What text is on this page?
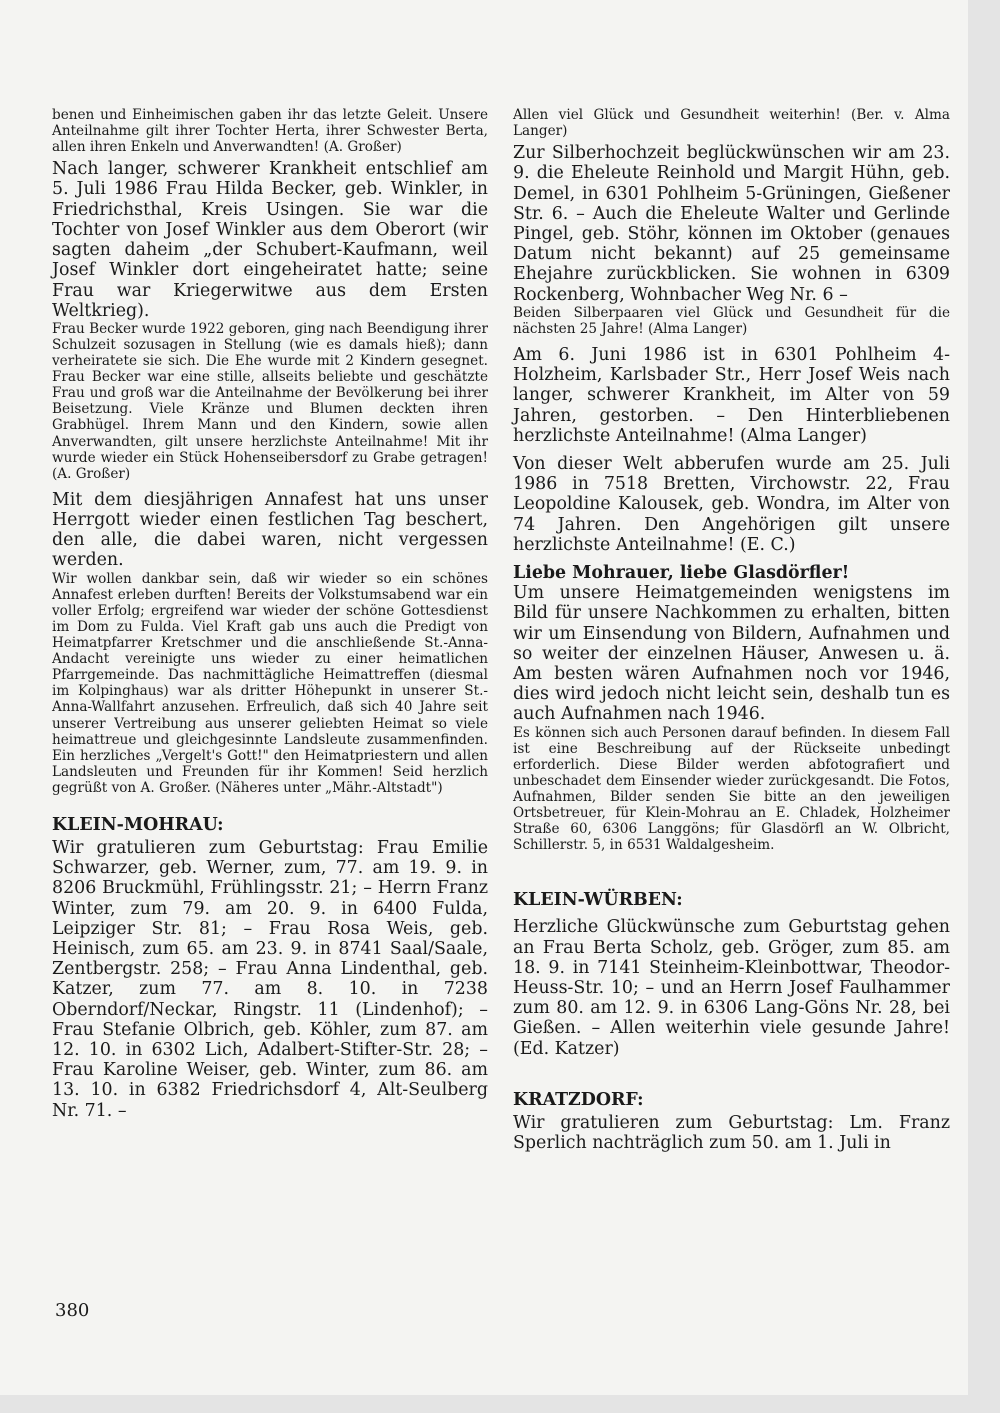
benen und Einheimischen gaben ihr das letzte Geleit. Unsere Anteilnahme gilt ihrer Tochter Herta, ihrer Schwester Berta, allen ihren Enkeln und Anverwandten! (A. Großer)

Nach langer, schwerer Krankheit entschlief am 5. Juli 1986 Frau Hilda Becker, geb. Winkler, in Friedrichsthal, Kreis Usingen. Sie war die Tochter von Josef Winkler aus dem Oberort (wir sagten daheim „der Schubert-Kaufmann, weil Josef Winkler dort eingeheiratet hatte; seine Frau war Kriegerwitwe aus dem Ersten Weltkrieg).

Frau Becker wurde 1922 geboren, ging nach Beendigung ihrer Schulzeit sozusagen in Stellung (wie es damals hieß); dann verheiratete sie sich. Die Ehe wurde mit 2 Kindern gesegnet. Frau Becker war eine stille, allseits beliebte und geschätzte Frau und groß war die Anteilnahme der Bevölkerung bei ihrer Beisetzung. Viele Kränze und Blumen deckten ihren Grabhügel. Ihrem Mann und den Kindern, sowie allen Anverwandten, gilt unsere herzlichste Anteilnahme! Mit ihr wurde wieder ein Stück Hohenseibersdorf zu Grabe getragen! (A. Großer)

Mit dem diesjährigen Annafest hat uns unser Herrgott wieder einen festlichen Tag beschert, den alle, die dabei waren, nicht vergessen werden.

Wir wollen dankbar sein, daß wir wieder so ein schönes Annafest erleben durften! Bereits der Volkstumsabend war ein voller Erfolg; ergreifend war wieder der schöne Gottesdienst im Dom zu Fulda. Viel Kraft gab uns auch die Predigt von Heimatpfarrer Kretschmer und die anschließende St.-Anna-Andacht vereinigte uns wieder zu einer heimatlichen Pfarrgemeinde. Das nachmittägliche Heimattreffen (diesmal im Kolpinghaus) war als dritter Höhepunkt in unserer St.-Anna-Wallfahrt anzusehen. Erfreulich, daß sich 40 Jahre seit unserer Vertreibung aus unserer geliebten Heimat so viele heimattreue und gleichgesinnte Landsleute zusammenfinden. Ein herzliches „Vergelt's Gott!" den Heimatpriestern und allen Landsleuten und Freunden für ihr Kommen! Seid herzlich gegrüßt von A. Großer. (Näheres unter „Mähr.-Altstadt")

KLEIN-MOHRAU:

Wir gratulieren zum Geburtstag: Frau Emilie Schwarzer, geb. Werner, zum, 77. am 19. 9. in 8206 Bruckmühl, Frühlingsstr. 21; – Herrn Franz Winter, zum 79. am 20. 9. in 6400 Fulda, Leipziger Str. 81; – Frau Rosa Weis, geb. Heinisch, zum 65. am 23. 9. in 8741 Saal/Saale, Zentbergstr. 258; – Frau Anna Lindenthal, geb. Katzer, zum 77. am 8. 10. in 7238 Oberndorf/Neckar, Ringstr. 11 (Lindenhof); – Frau Stefanie Olbrich, geb. Köhler, zum 87. am 12. 10. in 6302 Lich, Adalbert-Stifter-Str. 28; – Frau Karoline Weiser, geb. Winter, zum 86. am 13. 10. in 6382 Friedrichsdorf 4, Alt-Seulberg Nr. 71. –

Allen viel Glück und Gesundheit weiterhin! (Ber. v. Alma Langer)

Zur Silberhochzeit beglückwünschen wir am 23. 9. die Eheleute Reinhold und Margit Hühn, geb. Demel, in 6301 Pohlheim 5-Grüningen, Gießener Str. 6. – Auch die Eheleute Walter und Gerlinde Pingel, geb. Stöhr, können im Oktober (genaues Datum nicht bekannt) auf 25 gemeinsame Ehejahre zurückblicken. Sie wohnen in 6309 Rockenberg, Wohnbacher Weg Nr. 6 –

Beiden Silberpaaren viel Glück und Gesundheit für die nächsten 25 Jahre! (Alma Langer)

Am 6. Juni 1986 ist in 6301 Pohlheim 4-Holzheim, Karlsbader Str., Herr Josef Weis nach langer, schwerer Krankheit, im Alter von 59 Jahren, gestorben. – Den Hinterbliebenen herzlichste Anteilnahme! (Alma Langer)

Von dieser Welt abberufen wurde am 25. Juli 1986 in 7518 Bretten, Virchowstr. 22, Frau Leopoldine Kalousek, geb. Wondra, im Alter von 74 Jahren. Den Angehörigen gilt unsere herzlichste Anteilnahme! (E. C.)

Liebe Mohrauer, liebe Glasdörfler!

Um unsere Heimatgemeinden wenigstens im Bild für unsere Nachkommen zu erhalten, bitten wir um Einsendung von Bildern, Aufnahmen und so weiter der einzelnen Häuser, Anwesen u. ä. Am besten wären Aufnahmen noch vor 1946, dies wird jedoch nicht leicht sein, deshalb tun es auch Aufnahmen nach 1946.

Es können sich auch Personen darauf befinden. In diesem Fall ist eine Beschreibung auf der Rückseite unbedingt erforderlich. Diese Bilder werden abfotografiert und unbeschadet dem Einsender wieder zurückgesandt. Die Fotos, Aufnahmen, Bilder senden Sie bitte an den jeweiligen Ortsbetreuer, für Klein-Mohrau an E. Chladek, Holzheimer Straße 60, 6306 Langgöns; für Glasdörfl an W. Olbricht, Schillerstr. 5, in 6531 Waldalgesheim.

KLEIN-WÜRBEN:

Herzliche Glückwünsche zum Geburtstag gehen an Frau Berta Scholz, geb. Gröger, zum 85. am 18. 9. in 7141 Steinheim-Kleinbottwar, Theodor-Heuss-Str. 10; – und an Herrn Josef Faulhammer zum 80. am 12. 9. in 6306 Lang-Göns Nr. 28, bei Gießen. – Allen weiterhin viele gesunde Jahre! (Ed. Katzer)

KRATZDORF:

Wir gratulieren zum Geburtstag: Lm. Franz Sperlich nachträglich zum 50. am 1. Juli in

380
